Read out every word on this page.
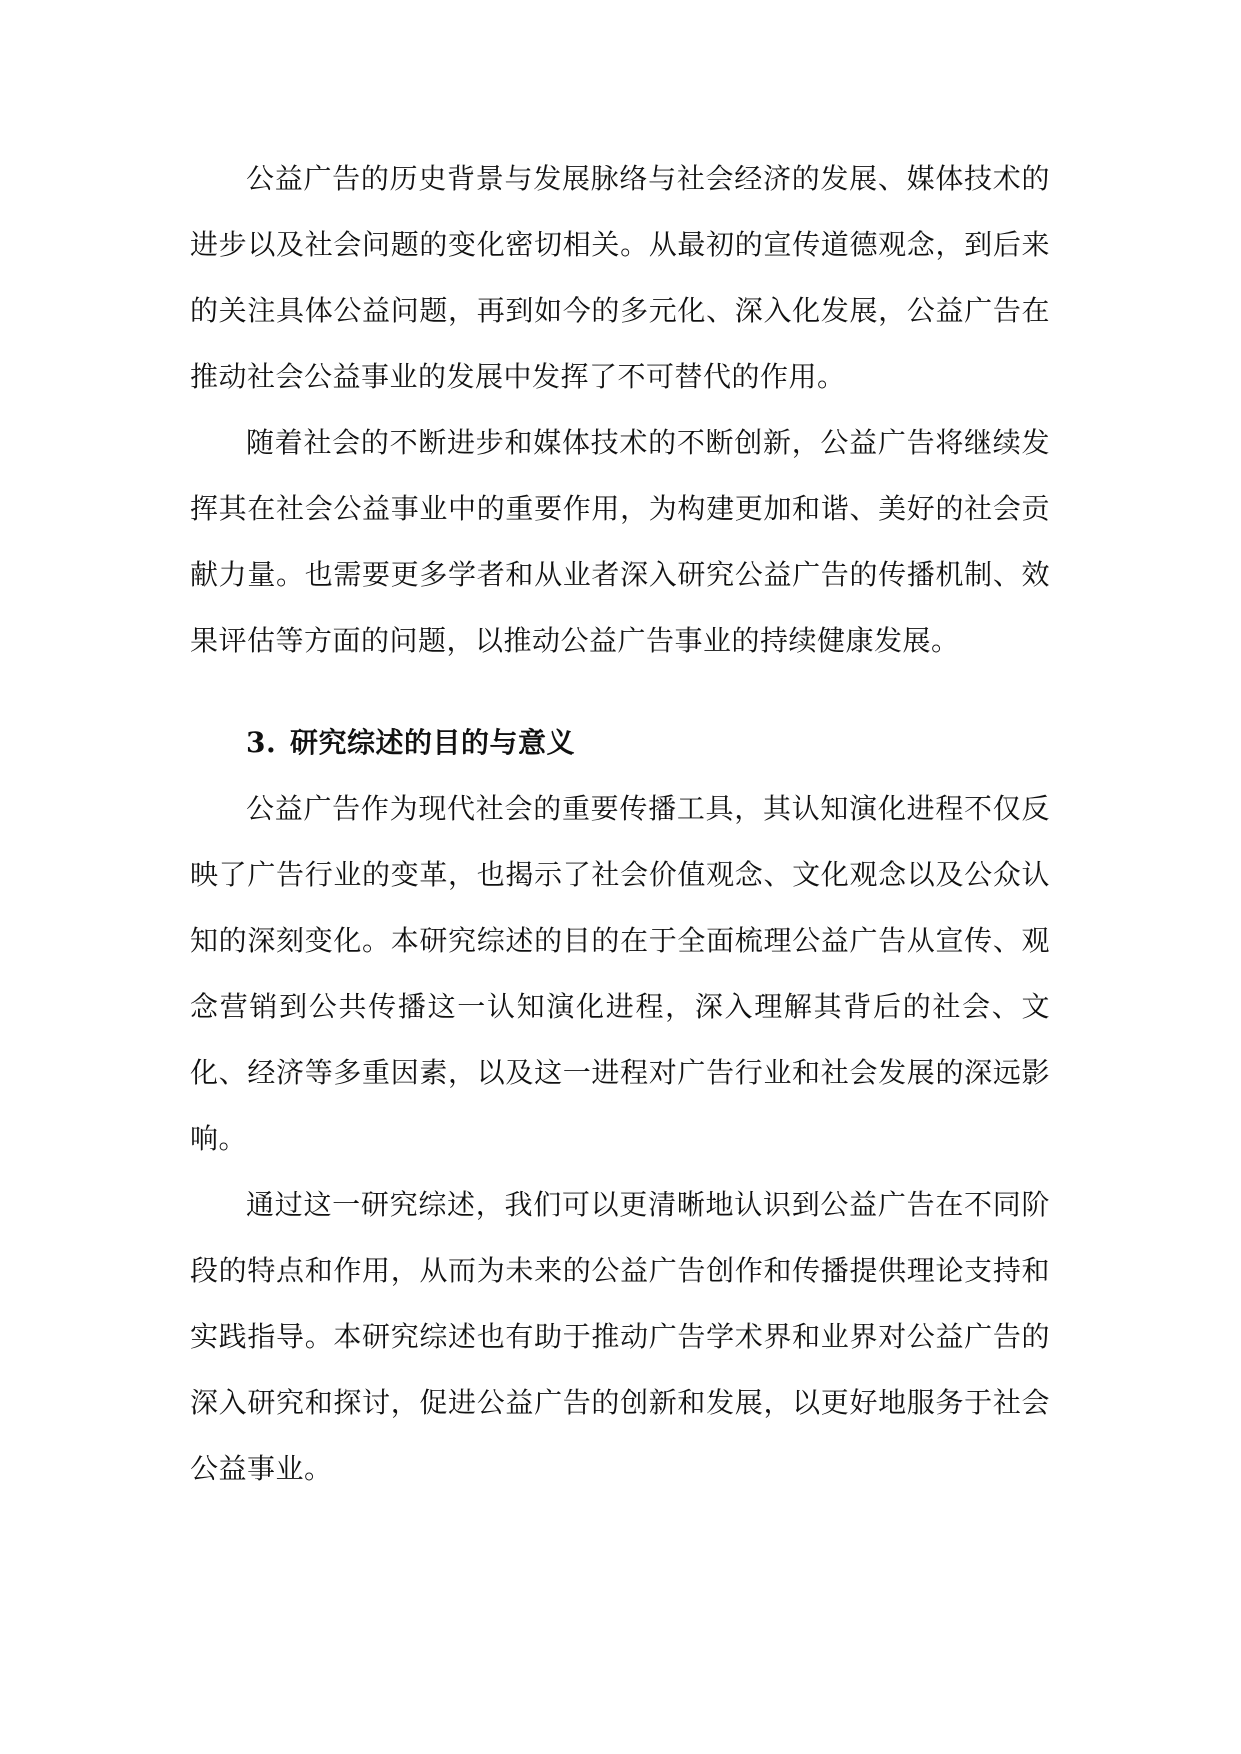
公益广告的历史背景与发展脉络与社会经济的发展、媒体技术的进步以及社会问题的变化密切相关。从最初的宣传道德观念，到后来的关注具体公益问题，再到如今的多元化、深入化发展，公益广告在推动社会公益事业的发展中发挥了不可替代的作用。

随着社会的不断进步和媒体技术的不断创新，公益广告将继续发挥其在社会公益事业中的重要作用，为构建更加和谐、美好的社会贡献力量。也需要更多学者和从业者深入研究公益广告的传播机制、效果评估等方面的问题，以推动公益广告事业的持续健康发展。

3. 研究综述的目的与意义

公益广告作为现代社会的重要传播工具，其认知演化进程不仅反映了广告行业的变革，也揭示了社会价值观念、文化观念以及公众认知的深刻变化。本研究综述的目的在于全面梳理公益广告从宣传、观念营销到公共传播这一认知演化进程，深入理解其背后的社会、文化、经济等多重因素，以及这一进程对广告行业和社会发展的深远影响。

通过这一研究综述，我们可以更清晰地认识到公益广告在不同阶段的特点和作用，从而为未来的公益广告创作和传播提供理论支持和实践指导。本研究综述也有助于推动广告学术界和业界对公益广告的深入研究和探讨，促进公益广告的创新和发展，以更好地服务于社会公益事业。
